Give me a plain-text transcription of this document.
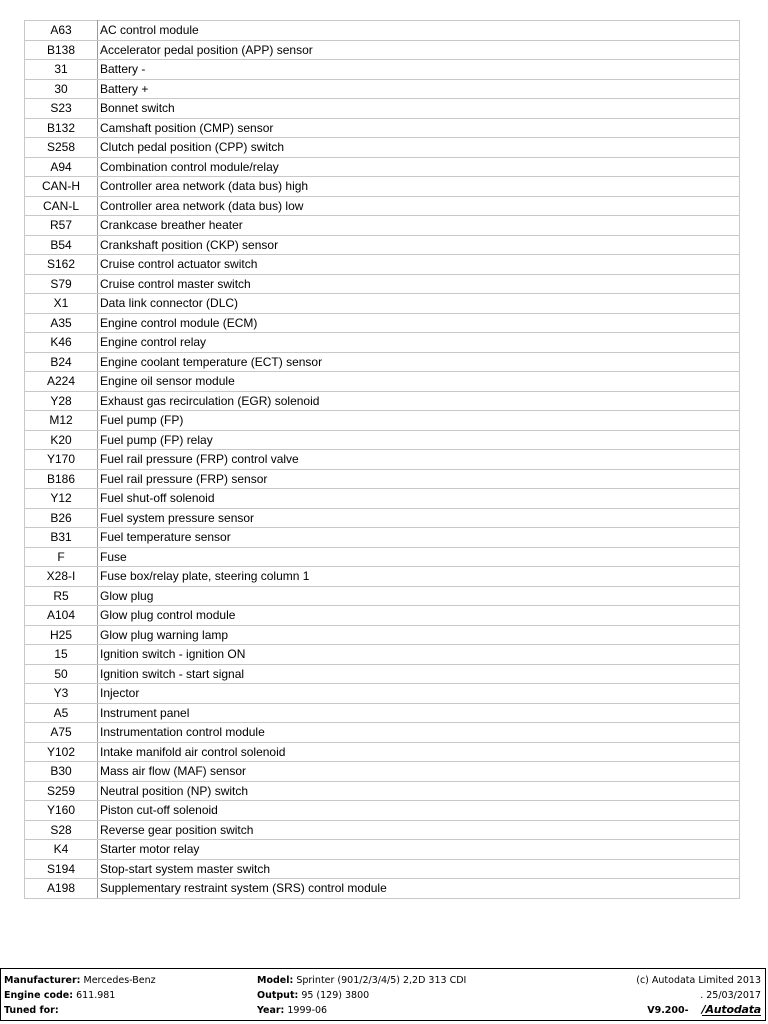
A63	AC control module
B138	Accelerator pedal position (APP) sensor
31	Battery -
30	Battery +
S23	Bonnet switch
B132	Camshaft position (CMP) sensor
S258	Clutch pedal position (CPP) switch
A94	Combination control module/relay
CAN-H	Controller area network (data bus) high
CAN-L	Controller area network (data bus) low
R57	Crankcase breather heater
B54	Crankshaft position (CKP) sensor
S162	Cruise control actuator switch
S79	Cruise control master switch
X1	Data link connector (DLC)
A35	Engine control module (ECM)
K46	Engine control relay
B24	Engine coolant temperature (ECT) sensor
A224	Engine oil sensor module
Y28	Exhaust gas recirculation (EGR) solenoid
M12	Fuel pump (FP)
K20	Fuel pump (FP) relay
Y170	Fuel rail pressure (FRP) control valve
B186	Fuel rail pressure (FRP) sensor
Y12	Fuel shut-off solenoid
B26	Fuel system pressure sensor
B31	Fuel temperature sensor
F	Fuse
X28-I	Fuse box/relay plate, steering column 1
R5	Glow plug
A104	Glow plug control module
H25	Glow plug warning lamp
15	Ignition switch - ignition ON
50	Ignition switch - start signal
Y3	Injector
A5	Instrument panel
A75	Instrumentation control module
Y102	Intake manifold air control solenoid
B30	Mass air flow (MAF) sensor
S259	Neutral position (NP) switch
Y160	Piston cut-off solenoid
S28	Reverse gear position switch
K4	Starter motor relay
S194	Stop-start system master switch
A198	Supplementary restraint system (SRS) control module
Manufacturer: Mercedes-Benz
Engine code: 611.981
Tuned for:
Model: Sprinter (901/2/3/4/5) 2,2D 313 CDI
Output: 95 (129) 3800
Year: 1999-06
(c) Autodata Limited 2013
. 25/03/2017
V9.200- /Autodata
